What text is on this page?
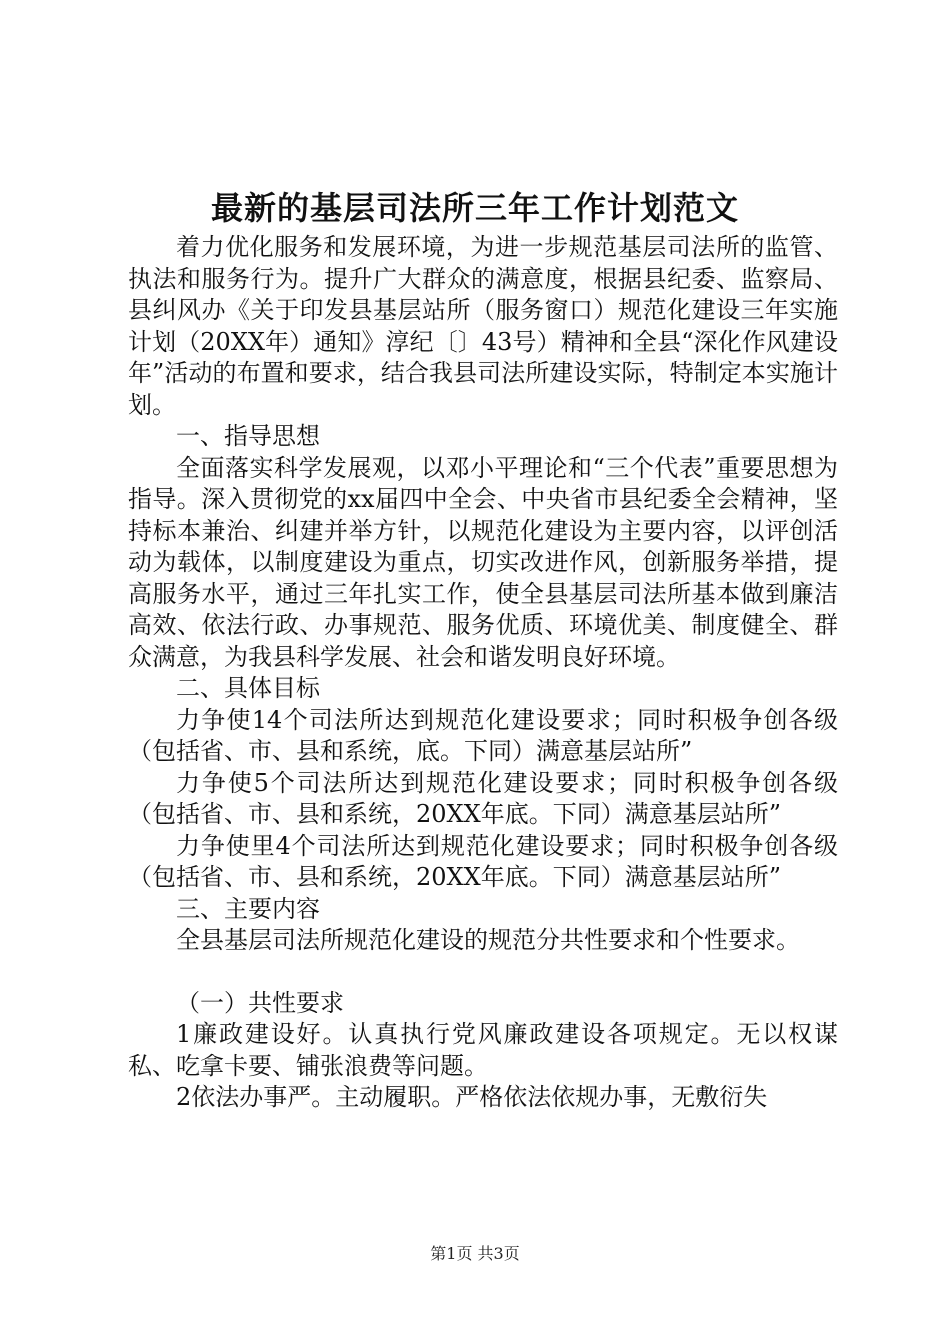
最新的基层司法所三年工作计划范文

着力优化服务和发展环境，为进一步规范基层司法所的监管、执法和服务行为。提升广大群众的满意度，根据县纪委、监察局、县纠风办《关于印发县基层站所（服务窗口）规范化建设三年实施计划（20XX年）通知》淳纪〔〕43号）精神和全县“深化作风建设年”活动的布置和要求，结合我县司法所建设实际，特制定本实施计划。

一、指导思想

全面落实科学发展观，以邓小平理论和“三个代表”重要思想为指导。深入贯彻党的xx届四中全会、中央省市县纪委全会精神，坚持标本兼治、纠建并举方针，以规范化建设为主要内容，以评创活动为载体，以制度建设为重点，切实改进作风，创新服务举措，提高服务水平，通过三年扎实工作，使全县基层司法所基本做到廉洁高效、依法行政、办事规范、服务优质、环境优美、制度健全、群众满意，为我县科学发展、社会和谐发明良好环境。

二、具体目标

力争使14个司法所达到规范化建设要求；同时积极争创各级（包括省、市、县和系统，底。下同）满意基层站所”

力争使5个司法所达到规范化建设要求；同时积极争创各级（包括省、市、县和系统，20XX年底。下同）满意基层站所”

力争使里4个司法所达到规范化建设要求；同时积极争创各级（包括省、市、县和系统，20XX年底。下同）满意基层站所”

三、主要内容

全县基层司法所规范化建设的规范分共性要求和个性要求。

（一）共性要求

1廉政建设好。认真执行党风廉政建设各项规定。无以权谋私、吃拿卡要、铺张浪费等问题。

2依法办事严。主动履职。严格依法依规办事，无敷衍失

第1页 共3页
